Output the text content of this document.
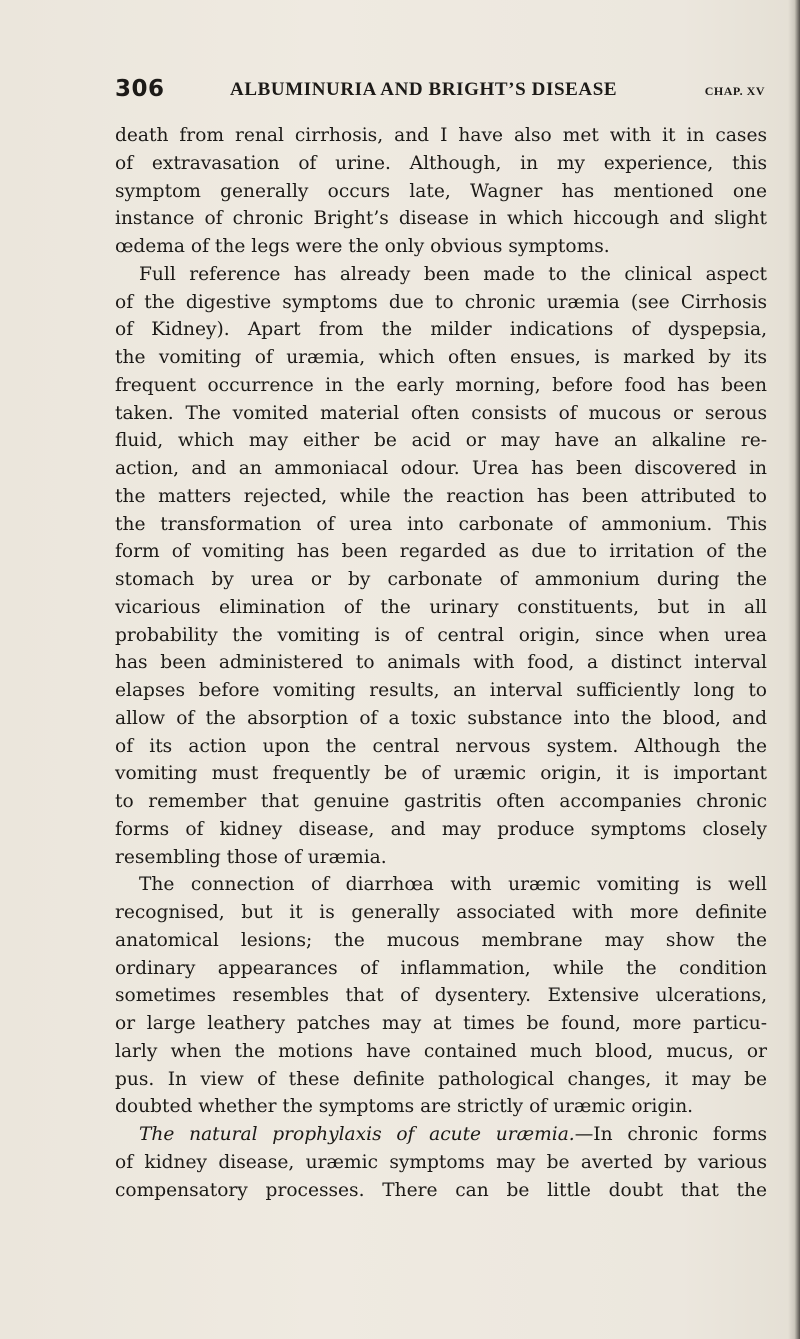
306	ALBUMINURIA AND BRIGHT’S DISEASE	CHAP. XV
death from renal cirrhosis, and I have also met with it in cases
of extravasation of urine. Although, in my experience, this
symptom generally occurs late, Wagner has mentioned one
instance of chronic Bright’s disease in which hiccough and slight
œdema of the legs were the only obvious symptoms.
Full reference has already been made to the clinical aspect
of the digestive symptoms due to chronic uræmia (see Cirrhosis
of Kidney). Apart from the milder indications of dyspepsia,
the vomiting of uræmia, which often ensues, is marked by its
frequent occurrence in the early morning, before food has been
taken. The vomited material often consists of mucous or serous
fluid, which may either be acid or may have an alkaline re-
action, and an ammoniacal odour. Urea has been discovered in
the matters rejected, while the reaction has been attributed to
the transformation of urea into carbonate of ammonium. This
form of vomiting has been regarded as due to irritation of the
stomach by urea or by carbonate of ammonium during the
vicarious elimination of the urinary constituents, but in all
probability the vomiting is of central origin, since when urea
has been administered to animals with food, a distinct interval
elapses before vomiting results, an interval sufficiently long to
allow of the absorption of a toxic substance into the blood, and
of its action upon the central nervous system. Although the
vomiting must frequently be of uræmic origin, it is important
to remember that genuine gastritis often accompanies chronic
forms of kidney disease, and may produce symptoms closely
resembling those of uræmia.
The connection of diarrhœa with uræmic vomiting is well
recognised, but it is generally associated with more definite
anatomical lesions; the mucous membrane may show the
ordinary appearances of inflammation, while the condition
sometimes resembles that of dysentery. Extensive ulcerations,
or large leathery patches may at times be found, more particu-
larly when the motions have contained much blood, mucus, or
pus. In view of these definite pathological changes, it may be
doubted whether the symptoms are strictly of uræmic origin.
The natural prophylaxis of acute uræmia.—In chronic forms
of kidney disease, uræmic symptoms may be averted by various
compensatory processes. There can be little doubt that the
